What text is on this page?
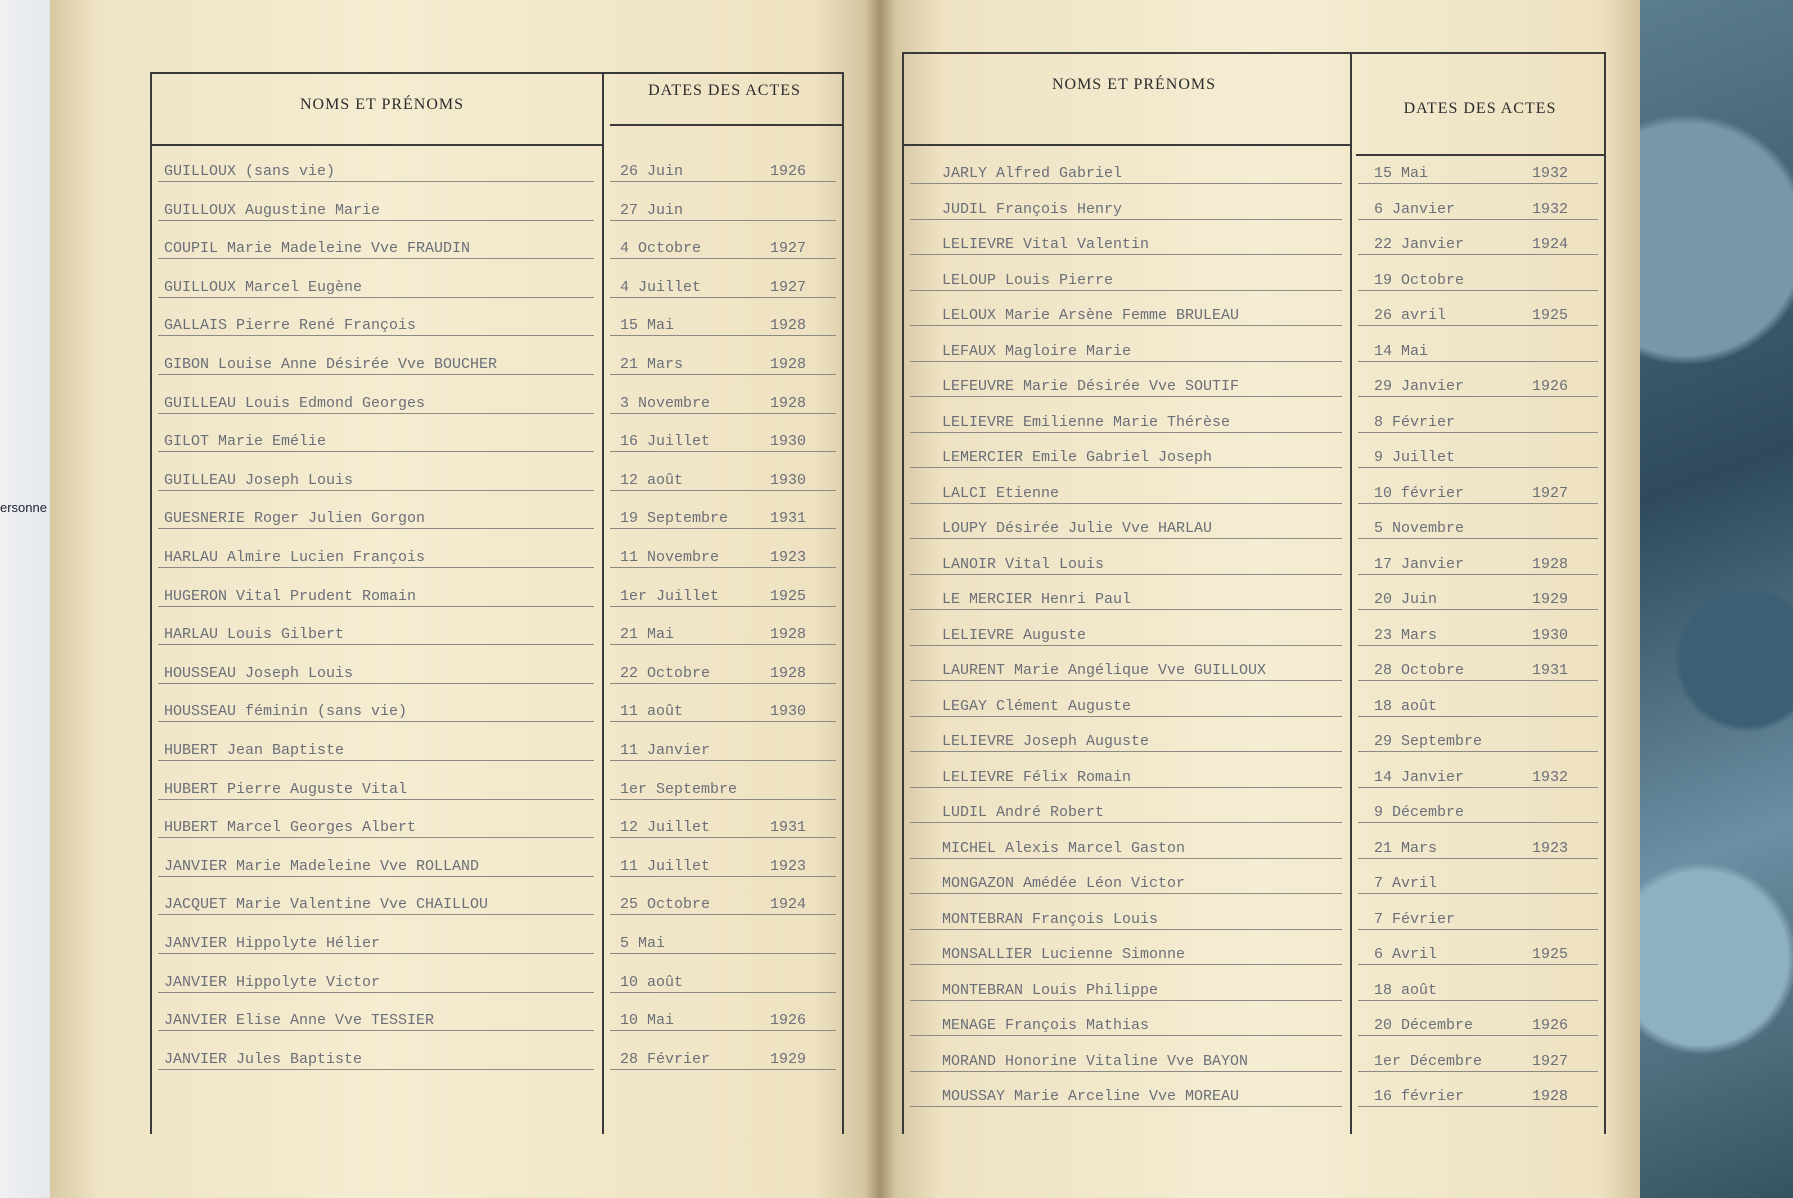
ersonne
NOMS ET PRÉNOMS
DATES DES ACTES
GUILLOUX (sans vie)	26 Juin	1926
GUILLOUX Augustine Marie	27 Juin
COUPIL Marie Madeleine Vve FRAUDIN	4 Octobre	1927
GUILLOUX Marcel Eugène	4 Juillet	1927
GALLAIS Pierre René François	15 Mai	1928
GIBON Louise Anne Désirée Vve BOUCHER	21 Mars	1928
GUILLEAU Louis Edmond Georges	3 Novembre	1928
GILOT Marie Emélie	16 Juillet	1930
GUILLEAU Joseph Louis	12 août	1930
GUESNERIE Roger Julien Gorgon	19 Septembre	1931
HARLAU Almire Lucien François	11 Novembre	1923
HUGERON Vital Prudent Romain	1er Juillet	1925
HARLAU Louis Gilbert	21 Mai	1928
HOUSSEAU Joseph Louis	22 Octobre	1928
HOUSSEAU féminin (sans vie)	11 août	1930
HUBERT Jean Baptiste	11 Janvier
HUBERT Pierre Auguste Vital	1er Septembre
HUBERT Marcel Georges Albert	12 Juillet	1931
JANVIER Marie Madeleine Vve ROLLAND	11 Juillet	1923
JACQUET Marie Valentine Vve CHAILLOU	25 Octobre	1924
JANVIER Hippolyte Hélier	5 Mai
JANVIER Hippolyte Victor	10 août
JANVIER Elise Anne Vve TESSIER	10 Mai	1926
JANVIER Jules Baptiste	28 Février	1929
NOMS ET PRÉNOMS
DATES DES ACTES
JARLY Alfred Gabriel	15 Mai	1932
JUDIL François Henry	6 Janvier	1932
LELIEVRE Vital Valentin	22 Janvier	1924
LELOUP Louis Pierre	19 Octobre
LELOUX Marie Arsène Femme BRULEAU	26 avril	1925
LEFAUX Magloire Marie	14 Mai
LEFEUVRE Marie Désirée Vve SOUTIF	29 Janvier	1926
LELIEVRE Emilienne Marie Thérèse	8 Février
LEMERCIER Emile Gabriel Joseph	9 Juillet
LALCI Etienne	10 février	1927
LOUPY Désirée Julie Vve HARLAU	5 Novembre
LANOIR Vital Louis	17 Janvier	1928
LE MERCIER Henri Paul	20 Juin	1929
LELIEVRE Auguste	23 Mars	1930
LAURENT Marie Angélique Vve GUILLOUX	28 Octobre	1931
LEGAY Clément Auguste	18 août
LELIEVRE Joseph Auguste	29 Septembre
LELIEVRE Félix Romain	14 Janvier	1932
LUDIL André Robert	9 Décembre
MICHEL Alexis Marcel Gaston	21 Mars	1923
MONGAZON Amédée Léon Victor	7 Avril
MONTEBRAN François Louis	7 Février
MONSALLIER Lucienne Simonne	6 Avril	1925
MONTEBRAN Louis Philippe	18 août
MENAGE François Mathias	20 Décembre	1926
MORAND Honorine Vitaline Vve BAYON	1er Décembre	1927
MOUSSAY Marie Arceline Vve MOREAU	16 février	1928
